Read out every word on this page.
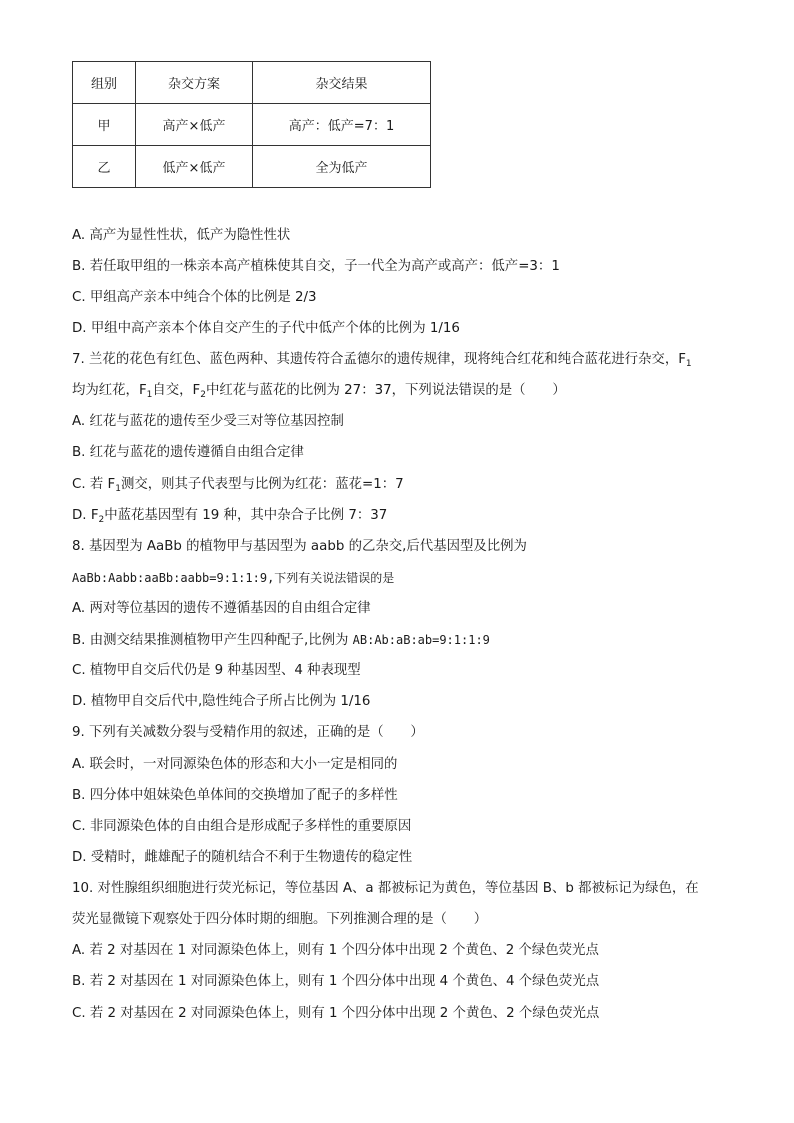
组别	杂交方案	杂交结果
甲	高产×低产	高产：低产=7：1
乙	低产×低产	全为低产
A. 高产为显性性状，低产为隐性性状
B. 若任取甲组的一株亲本高产植株使其自交，子一代全为高产或高产：低产=3：1
C. 甲组高产亲本中纯合个体的比例是 2/3
D. 甲组中高产亲本个体自交产生的子代中低产个体的比例为 1/16
7. 兰花的花色有红色、蓝色两种、其遗传符合孟德尔的遗传规律，现将纯合红花和纯合蓝花进行杂交，$F_1$
均为红花，$F_1$自交，$F_2$中红花与蓝花的比例为 27：37，下列说法错误的是（　　）
A. 红花与蓝花的遗传至少受三对等位基因控制
B. 红花与蓝花的遗传遵循自由组合定律
C. 若 $F_1$测交，则其子代表型与比例为红花：蓝花=1：7
D. $F_2$中蓝花基因型有 19 种，其中杂合子比例 7：37
8. 基因型为 AaBb 的植物甲与基因型为 aabb 的乙杂交,后代基因型及比例为
AaBb:Aabb:aaBb:aabb=9:1:1:9,下列有关说法错误的是
A. 两对等位基因的遗传不遵循基因的自由组合定律
B. 由测交结果推测植物甲产生四种配子,比例为 AB:Ab:aB:ab=9:1:1:9
C. 植物甲自交后代仍是 9 种基因型、4 种表现型
D. 植物甲自交后代中,隐性纯合子所占比例为 1/16
9. 下列有关减数分裂与受精作用的叙述，正确的是（　　）
A. 联会时，一对同源染色体的形态和大小一定是相同的
B. 四分体中姐妹染色单体间的交换增加了配子的多样性
C. 非同源染色体的自由组合是形成配子多样性的重要原因
D. 受精时，雌雄配子的随机结合不利于生物遗传的稳定性
10. 对性腺组织细胞进行荧光标记，等位基因 A、a 都被标记为黄色，等位基因 B、b 都被标记为绿色，在
荧光显微镜下观察处于四分体时期的细胞。下列推测合理的是（　　）
A. 若 2 对基因在 1 对同源染色体上，则有 1 个四分体中出现 2 个黄色、2 个绿色荧光点
B. 若 2 对基因在 1 对同源染色体上，则有 1 个四分体中出现 4 个黄色、4 个绿色荧光点
C. 若 2 对基因在 2 对同源染色体上，则有 1 个四分体中出现 2 个黄色、2 个绿色荧光点
